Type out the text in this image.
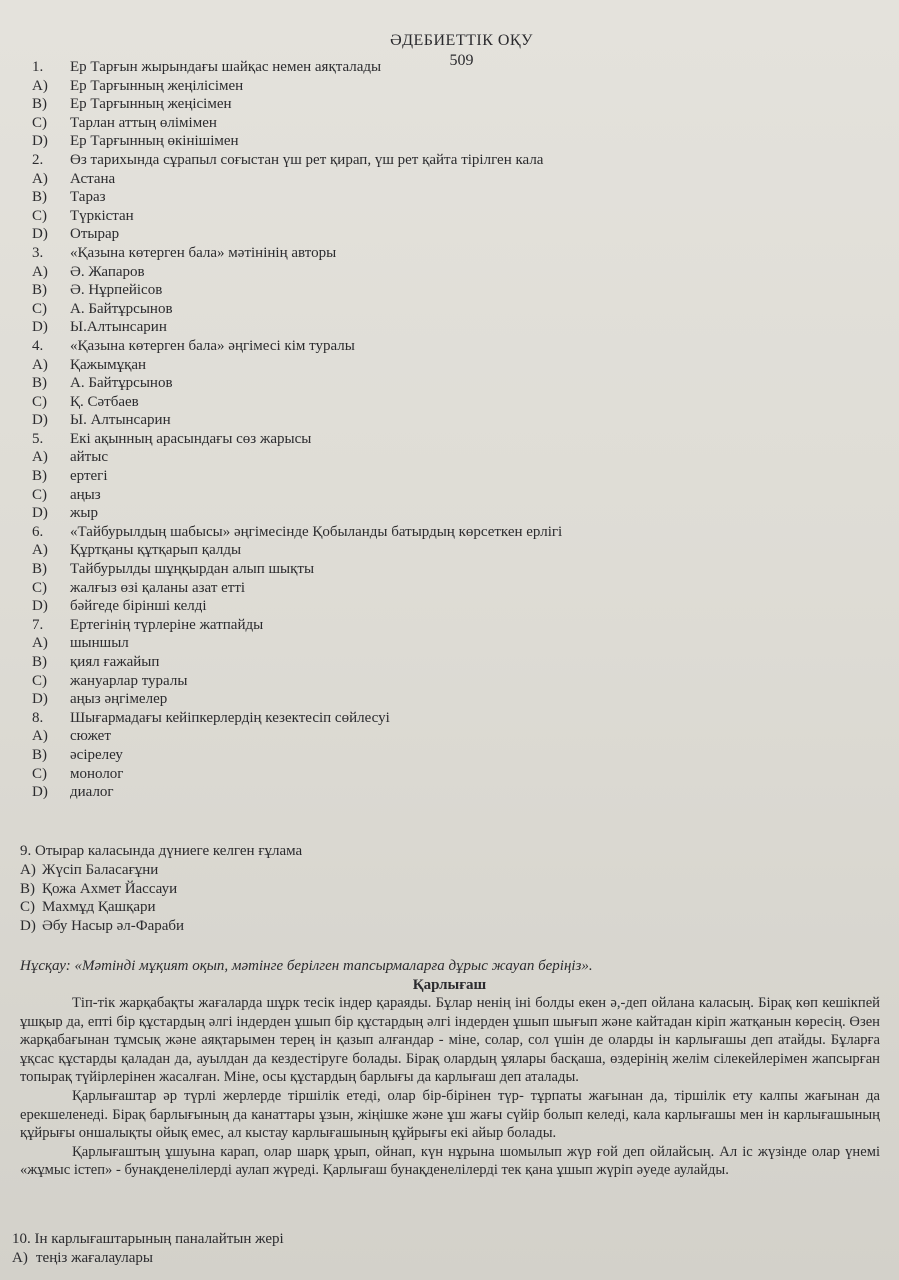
ӘДЕБИЕТТІК ОҚУ
509
1.	Ер Тарғын жырындағы шайқас немен аяқталады
A)	Ер Тарғынның жеңілісімен
B)	Ер Тарғынның жеңісімен
C)	Тарлан аттың өлімімен
D)	Ер Тарғынның өкінішімен
2.	Өз тарихында сұрапыл соғыстан үш рет қирап, үш рет қайта тірілген кала
A)	Астана
B)	Тараз
C)	Түркістан
D)	Отырар
3.	«Қазына көтерген бала» мәтінінің авторы
A)	Ә. Жапаров
B)	Ә. Нұрпейісов
C)	А. Байтұрсынов
D)	Ы.Алтынсарин
4.	«Қазына көтерген бала» әңгімесі кім туралы
A)	Қажымұқан
B)	А. Байтұрсынов
C)	Қ. Сәтбаев
D)	Ы. Алтынсарин
5.	Екі ақынның арасындағы сөз жарысы
A)	айтыс
B)	ертегі
C)	аңыз
D)	жыр
6.	«Тайбурылдың шабысы» әңгімесінде Қобыланды батырдың көрсеткен ерлігі
A)	Құртқаны құтқарып қалды
B)	Тайбурылды шұңқырдан алып шықты
C)	жалғыз өзі қаланы азат етті
D)	бәйгеде бірінші келді
7.	Ертегінің түрлеріне жатпайды
A)	шыншыл
B)	қиял ғажайып
C)	жануарлар туралы
D)	аңыз әңгімелер
8.	Шығармадағы кейіпкерлердің кезектесіп сөйлесуі
A)	сюжет
B)	әсірелеу
C)	монолог
D)	диалог
9. Отырар каласында дүниеге келген ғұлама
A) Жүсіп Баласағұни
B) Қожа Ахмет Йассауи
C) Махмұд Қашқари
D) Әбу Насыр әл-Фараби
Нұсқау: «Мәтінді мұқият оқып, мәтінге берілген тапсырмаларға дұрыс жауап беріңіз».
Қарлығаш

Тіп-тік жарқабақты жағаларда шұрк тесік індер қараяды. Бұлар ненің іні болды екен ә,-деп ойлана каласың. Бірақ көп кешікпей ұшқыр да, епті бір құстардың әлгі індерден ұшып бір құстардың әлгі індерден ұшып шығып және кайтадан кіріп жатқанын көресің. Өзен жарқабағынан тұмсық және аяқтарымен терең ін қазып алғандар - міне, солар, сол үшін де оларды ін карлығашы деп атайды. Бұларға ұқсас құстарды қаладан да, ауылдан да кездестіруге болады. Бірақ олардың ұялары басқаша, өздерінің желім сілекейлерімен жапсырған топырақ түйірлерінен жасалған. Міне, осы құстардың барлығы да карлығаш деп аталады.

Қарлығаштар әр түрлі жерлерде тіршілік етеді, олар бір-бірінен түр- тұрпаты жағынан да, тіршілік ету калпы жағынан да ерекшеленеді. Бірақ барлығының да канаттары ұзын, жіңішке және ұш жағы сүйір болып келеді, кала карлығашы мен ін карлығашының құйрығы оншалықты ойық емес, ал кыстау карлығашының құйрығы екі айыр болады.

Қарлығаштың ұшуына карап, олар шарқ ұрып, ойнап, күн нұрына шомылып жүр ғой деп ойлайсың. Ал іс жүзінде олар үнемі «жұмыс істеп» - бунақденелілерді аулап жүреді. Қарлығаш бунақденелілерді тек қана ұшып жүріп әуеде аулайды.

10. Ін карлығаштарының паналайтын жері
A) теңіз жағалаулары
